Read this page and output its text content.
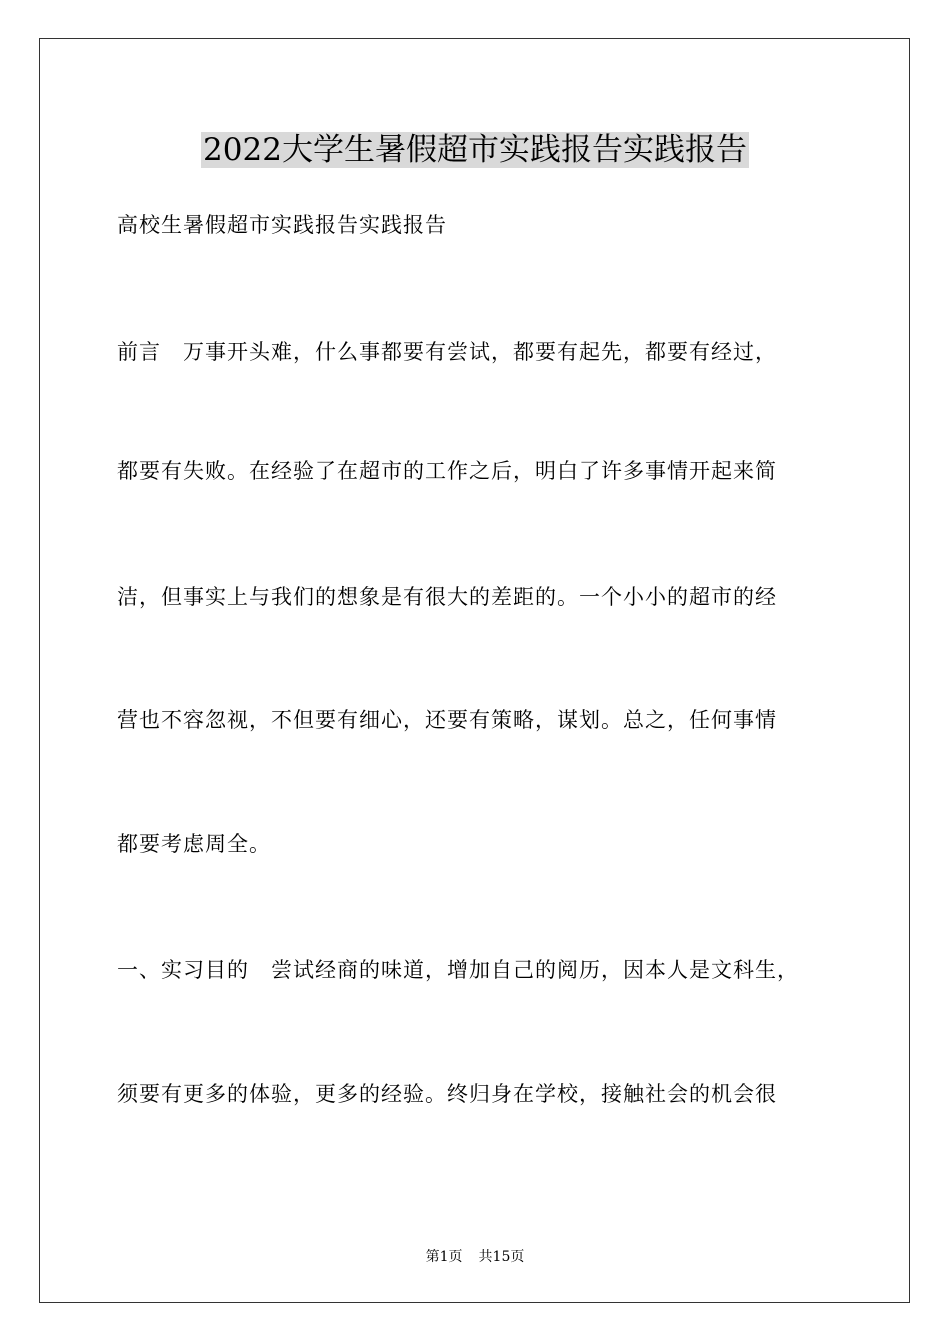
2022大学生暑假超市实践报告实践报告
高校生暑假超市实践报告实践报告
前言　万事开头难，什么事都要有尝试，都要有起先，都要有经过，
都要有失败。在经验了在超市的工作之后，明白了许多事情开起来简
洁，但事实上与我们的想象是有很大的差距的。一个小小的超市的经
营也不容忽视，不但要有细心，还要有策略，谋划。总之，任何事情
都要考虑周全。
一、实习目的　尝试经商的味道，增加自己的阅历，因本人是文科生，
须要有更多的体验，更多的经验。终归身在学校，接触社会的机会很
第1页 共15页
